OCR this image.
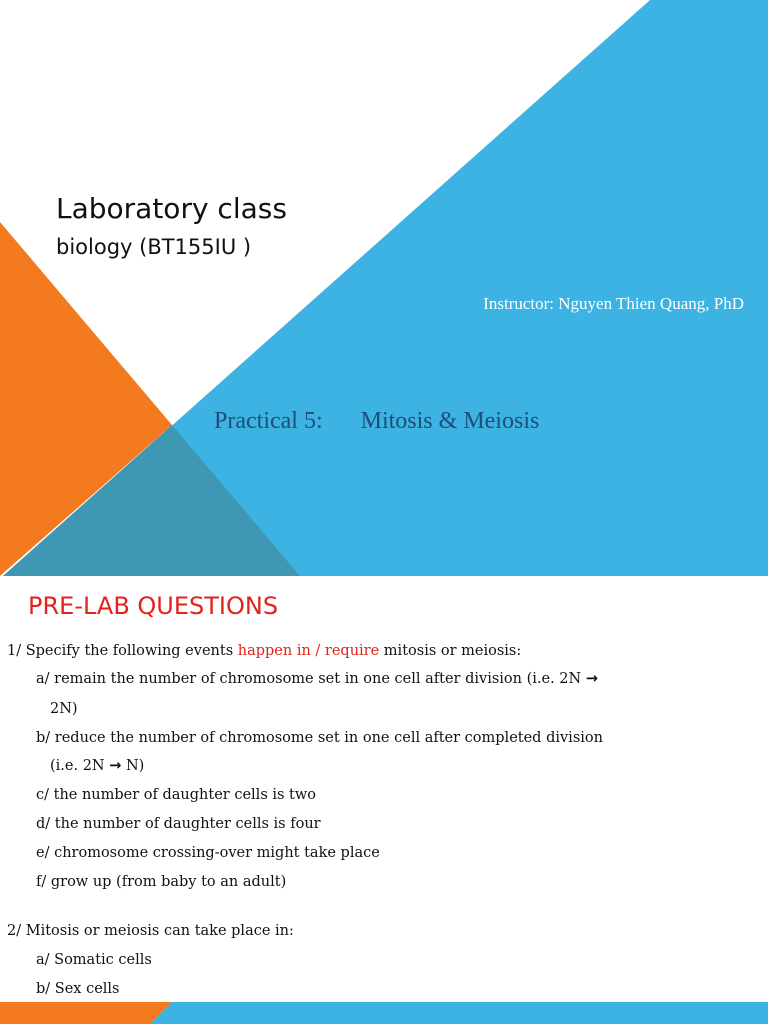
Laboratory class
biology (BT155IU )
Instructor: Nguyen Thien Quang, PhD
Practical 5: Mitosis & Meiosis
PRE-LAB QUESTIONS
1/ Specify the following events happen in / require mitosis or meiosis:
a/ remain the number of chromosome set in one cell after division (i.e. 2N →
2N)
b/ reduce the number of chromosome set in one cell after completed division
(i.e. 2N → N)
c/ the number of daughter cells is two
d/ the number of daughter cells is four
e/ chromosome crossing-over might take place
f/ grow up (from baby to an adult)
2/ Mitosis or meiosis can take place in:
a/ Somatic cells
b/ Sex cells
